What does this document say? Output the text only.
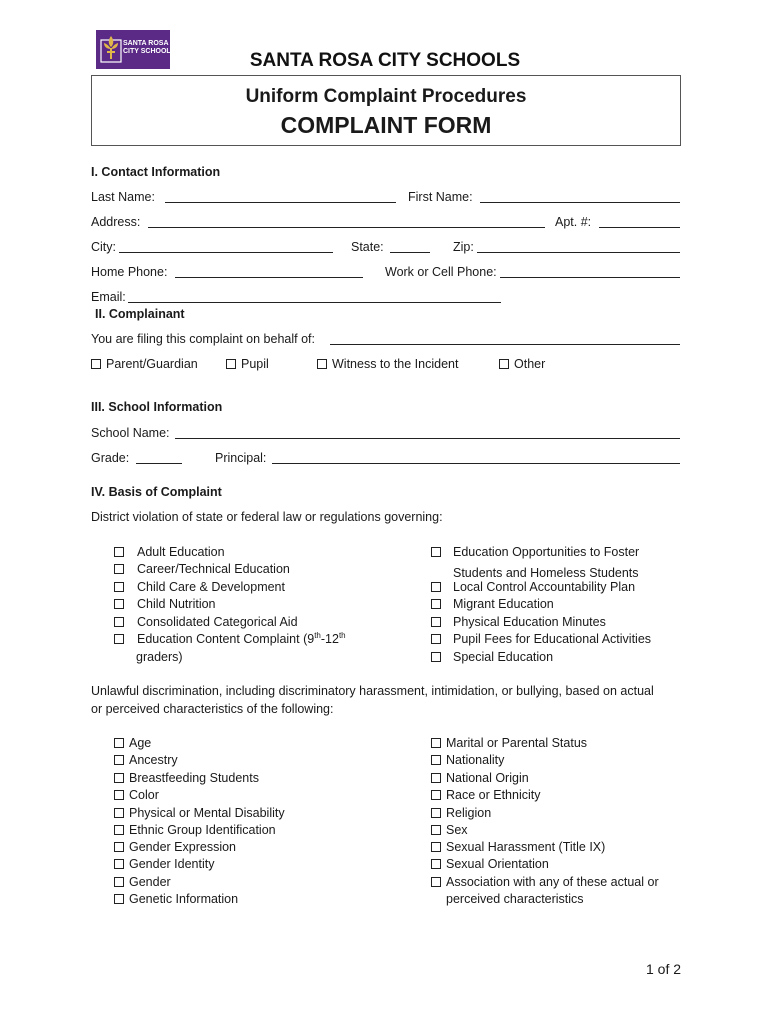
SANTA ROSA
CITY SCHOOLS	SANTA ROSA CITY SCHOOLS
Uniform Complaint Procedures
COMPLAINT FORM
I. Contact Information
Last Name:	First Name:
Address:	Apt. #:
City:	State:	Zip:
Home Phone:	Work or Cell Phone:
Email:
II. Complainant
You are filing this complaint on behalf of:
Parent/Guardian	Pupil	Witness to the Incident	Other
III. School Information
School Name:
Grade:	Principal:
IV. Basis of Complaint
District violation of state or federal law or regulations governing:
Adult Education
Career/Technical Education
Child Care & Development
Child Nutrition
Consolidated Categorical Aid
Education Content Complaint (9th-12th
graders)
Education Opportunities to Foster
Students and Homeless Students
Local Control Accountability Plan
Migrant Education
Physical Education Minutes
Pupil Fees for Educational Activities
Special Education
Unlawful discrimination, including discriminatory harassment, intimidation, or bullying, based on actual
or perceived characteristics of the following:
Age
Ancestry
Breastfeeding Students
Color
Physical or Mental Disability
Ethnic Group Identification
Gender Expression
Gender Identity
Gender
Genetic Information
Marital or Parental Status
Nationality
National Origin
Race or Ethnicity
Religion
Sex
Sexual Harassment (Title IX)
Sexual Orientation
Association with any of these actual or
perceived characteristics
1 of 2
